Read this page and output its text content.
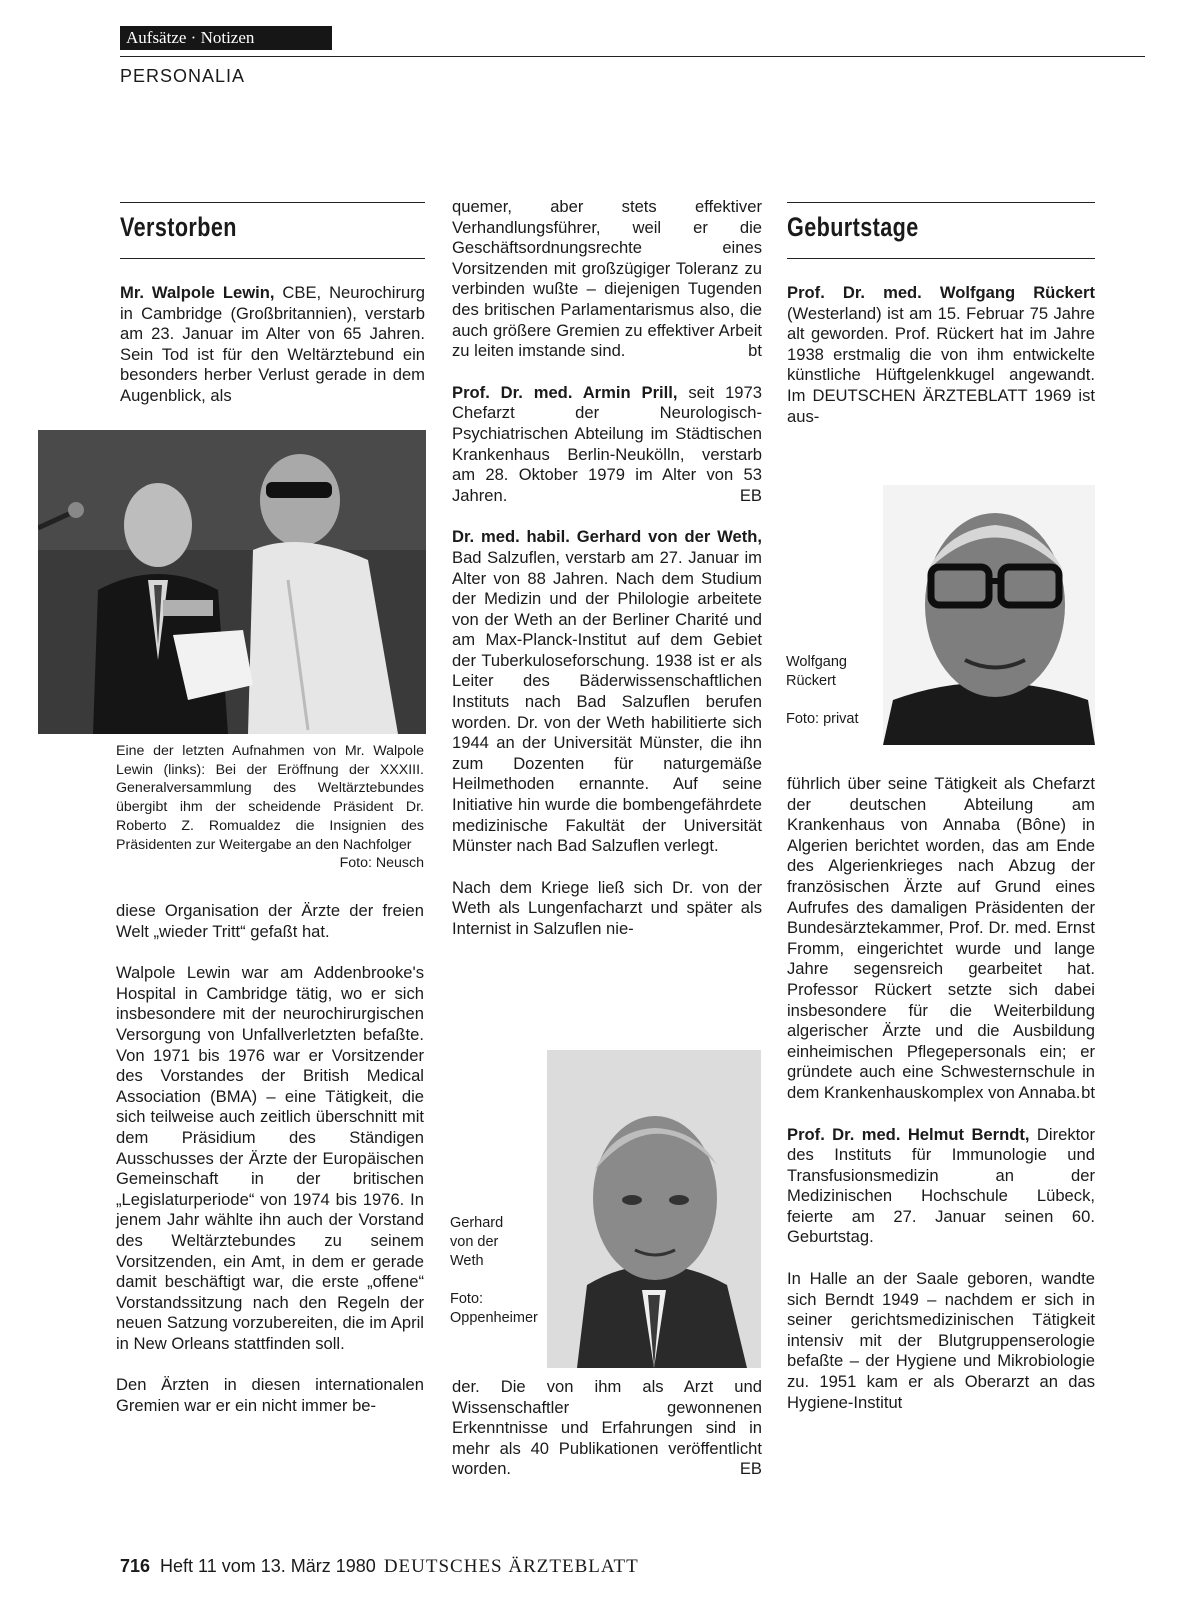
Aufsätze · Notizen
PERSONALIA
Verstorben
Mr. Walpole Lewin, CBE, Neurochirurg in Cambridge (Großbritannien), verstarb am 23. Januar im Alter von 65 Jahren. Sein Tod ist für den Weltärztebund ein besonders herber Verlust gerade in dem Augenblick, als
Eine der letzten Aufnahmen von Mr. Walpole Lewin (links): Bei der Eröffnung der XXXIII. Generalversammlung des Weltärztebundes übergibt ihm der scheidende Präsident Dr. Roberto Z. Romualdez die Insignien des Präsidenten zur Weitergabe an den Nachfolger
Foto: Neusch

diese Organisation der Ärzte der freien Welt „wieder Tritt“ gefaßt hat.

Walpole Lewin war am Addenbrooke's Hospital in Cambridge tätig, wo er sich insbesondere mit der neurochirurgischen Versorgung von Unfallverletzten befaßte. Von 1971 bis 1976 war er Vorsitzender des Vorstandes der British Medical Association (BMA) – eine Tätigkeit, die sich teilweise auch zeitlich überschnitt mit dem Präsidium des Ständigen Ausschusses der Ärzte der Europäischen Gemeinschaft in der britischen „Legislaturperiode“ von 1974 bis 1976. In jenem Jahr wählte ihn auch der Vorstand des Weltärztebundes zu seinem Vorsitzenden, ein Amt, in dem er gerade damit beschäftigt war, die erste „offene“ Vorstandssitzung nach den Regeln der neuen Satzung vorzubereiten, die im April in New Orleans stattfinden soll.

Den Ärzten in diesen internationalen Gremien war er ein nicht immer be-

quemer, aber stets effektiver Verhandlungsführer, weil er die Geschäftsordnungsrechte eines Vorsitzenden mit großzügiger Toleranz zu verbinden wußte – diejenigen Tugenden des britischen Parlamentarismus also, die auch größere Gremien zu effektiver Arbeit zu leiten imstande sind.	bt

Prof. Dr. med. Armin Prill, seit 1973 Chefarzt der Neurologisch-Psychiatrischen Abteilung im Städtischen Krankenhaus Berlin-Neukölln, verstarb am 28. Oktober 1979 im Alter von 53 Jahren.	EB

Dr. med. habil. Gerhard von der Weth, Bad Salzuflen, verstarb am 27. Januar im Alter von 88 Jahren. Nach dem Studium der Medizin und der Philologie arbeitete von der Weth an der Berliner Charité und am Max-Planck-Institut auf dem Gebiet der Tuberkuloseforschung. 1938 ist er als Leiter des Bäderwissenschaftlichen Instituts nach Bad Salzuflen berufen worden. Dr. von der Weth habilitierte sich 1944 an der Universität Münster, die ihn zum Dozenten für naturgemäße Heilmethoden ernannte. Auf seine Initiative hin wurde die bombengefährdete medizinische Fakultät der Universität Münster nach Bad Salzuflen verlegt.

Nach dem Kriege ließ sich Dr. von der Weth als Lungenfacharzt und später als Internist in Salzuflen nie-

Gerhard von der Weth
Foto: Oppenheimer

der. Die von ihm als Arzt und Wissenschaftler gewonnenen Erkenntnisse und Erfahrungen sind in mehr als 40 Publikationen veröffentlicht worden.	EB

Geburtstage
Prof. Dr. med. Wolfgang Rückert (Westerland) ist am 15. Februar 75 Jahre alt geworden. Prof. Rückert hat im Jahre 1938 erstmalig die von ihm entwickelte künstliche Hüftgelenkkugel angewandt. Im DEUTSCHEN ÄRZTEBLATT 1969 ist aus-
Wolfgang Rückert
Foto: privat

führlich über seine Tätigkeit als Chefarzt der deutschen Abteilung am Krankenhaus von Annaba (Bône) in Algerien berichtet worden, das am Ende des Algerienkrieges nach Abzug der französischen Ärzte auf Grund eines Aufrufes des damaligen Präsidenten der Bundesärztekammer, Prof. Dr. med. Ernst Fromm, eingerichtet wurde und lange Jahre segensreich gearbeitet hat. Professor Rückert setzte sich dabei insbesondere für die Weiterbildung algerischer Ärzte und die Ausbildung einheimischen Pflegepersonals ein; er gründete auch eine Schwesternschule in dem Krankenhauskomplex von Annaba. bt

Prof. Dr. med. Helmut Berndt, Direktor des Instituts für Immunologie und Transfusionsmedizin an der Medizinischen Hochschule Lübeck, feierte am 27. Januar seinen 60. Geburtstag.

In Halle an der Saale geboren, wandte sich Berndt 1949 – nachdem er sich in seiner gerichtsmedizinischen Tätigkeit intensiv mit der Blutgruppenserologie befaßte – der Hygiene und Mikrobiologie zu. 1951 kam er als Oberarzt an das Hygiene-Institut

716 Heft 11 vom 13. März 1980 DEUTSCHES ÄRZTEBLATT
